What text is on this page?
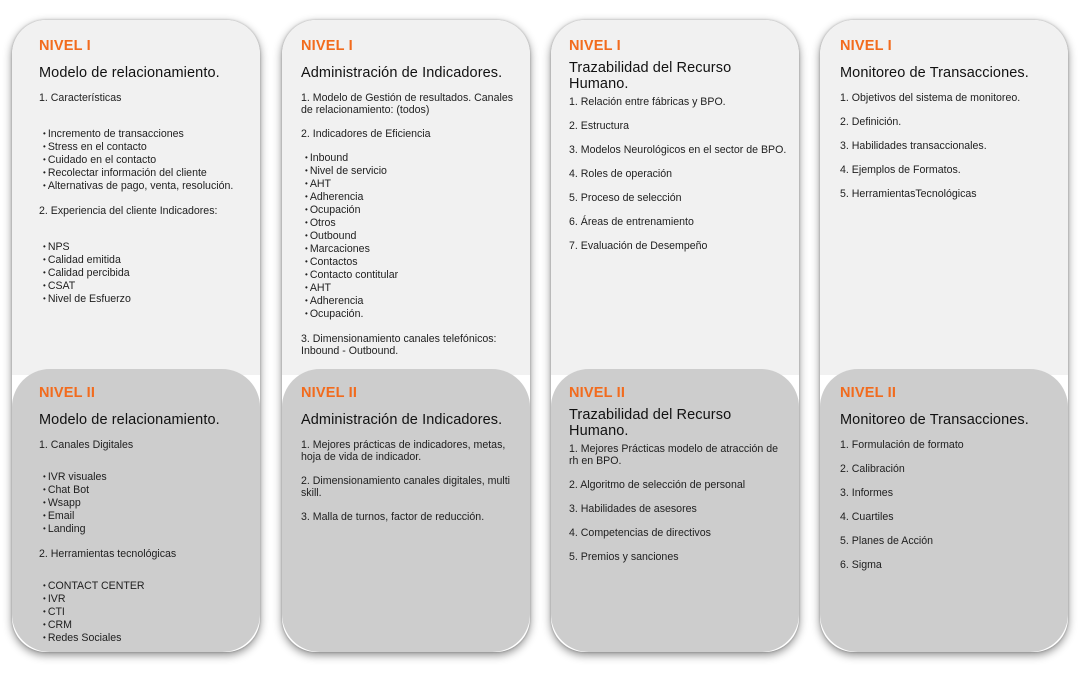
NIVEL I
Modelo de relacionamiento.

1. Características

• Incremento de transacciones
• Stress en el contacto
• Cuidado en el contacto
• Recolectar información del cliente
• Alternativas de pago, venta, resolución.

2. Experiencia del cliente Indicadores:

• NPS
• Calidad emitida
• Calidad percibida
• CSAT
• Nivel de Esfuerzo
NIVEL II
Modelo de relacionamiento.

1. Canales Digitales

• IVR visuales
• Chat Bot
• Wsapp
• Email
• Landing

2. Herramientas tecnológicas

• CONTACT CENTER
• IVR
• CTI
• CRM
• Redes Sociales
NIVEL I
Administración de Indicadores.

1. Modelo de Gestión de resultados. Canales de relacionamiento: (todos)

2. Indicadores de Eficiencia

• Inbound
• Nivel de servicio
• AHT
• Adherencia
• Ocupación
• Otros
• Outbound
• Marcaciones
• Contactos
• Contacto contitular
• AHT
• Adherencia
• Ocupación.

3. Dimensionamiento canales telefónicos: Inbound - Outbound.

NIVEL II
Administración de Indicadores.

1. Mejores prácticas de indicadores, metas, hoja de vida de indicador.

2. Dimensionamiento canales digitales, multi skill.

3. Malla de turnos, factor de reducción.

NIVEL I
Trazabilidad del Recurso Humano.

1. Relación entre fábricas y BPO.

2. Estructura

3. Modelos Neurológicos en el sector de BPO.

4. Roles de operación

5. Proceso de selección

6. Áreas de entrenamiento

7. Evaluación de Desempeño

NIVEL II
Trazabilidad del Recurso Humano.

1. Mejores Prácticas modelo de atracción de rh en BPO.

2. Algoritmo de selección de personal

3. Habilidades de asesores

4. Competencias de directivos

5. Premios y sanciones

NIVEL I
Monitoreo de Transacciones.

1. Objetivos del sistema de monitoreo.

2. Definición.

3. Habilidades transaccionales.

4. Ejemplos de Formatos.

5. HerramientasTecnológicas

NIVEL II
Monitoreo de Transacciones.

1. Formulación de formato

2. Calibración

3. Informes

4. Cuartiles

5. Planes de Acción

6. Sigma
